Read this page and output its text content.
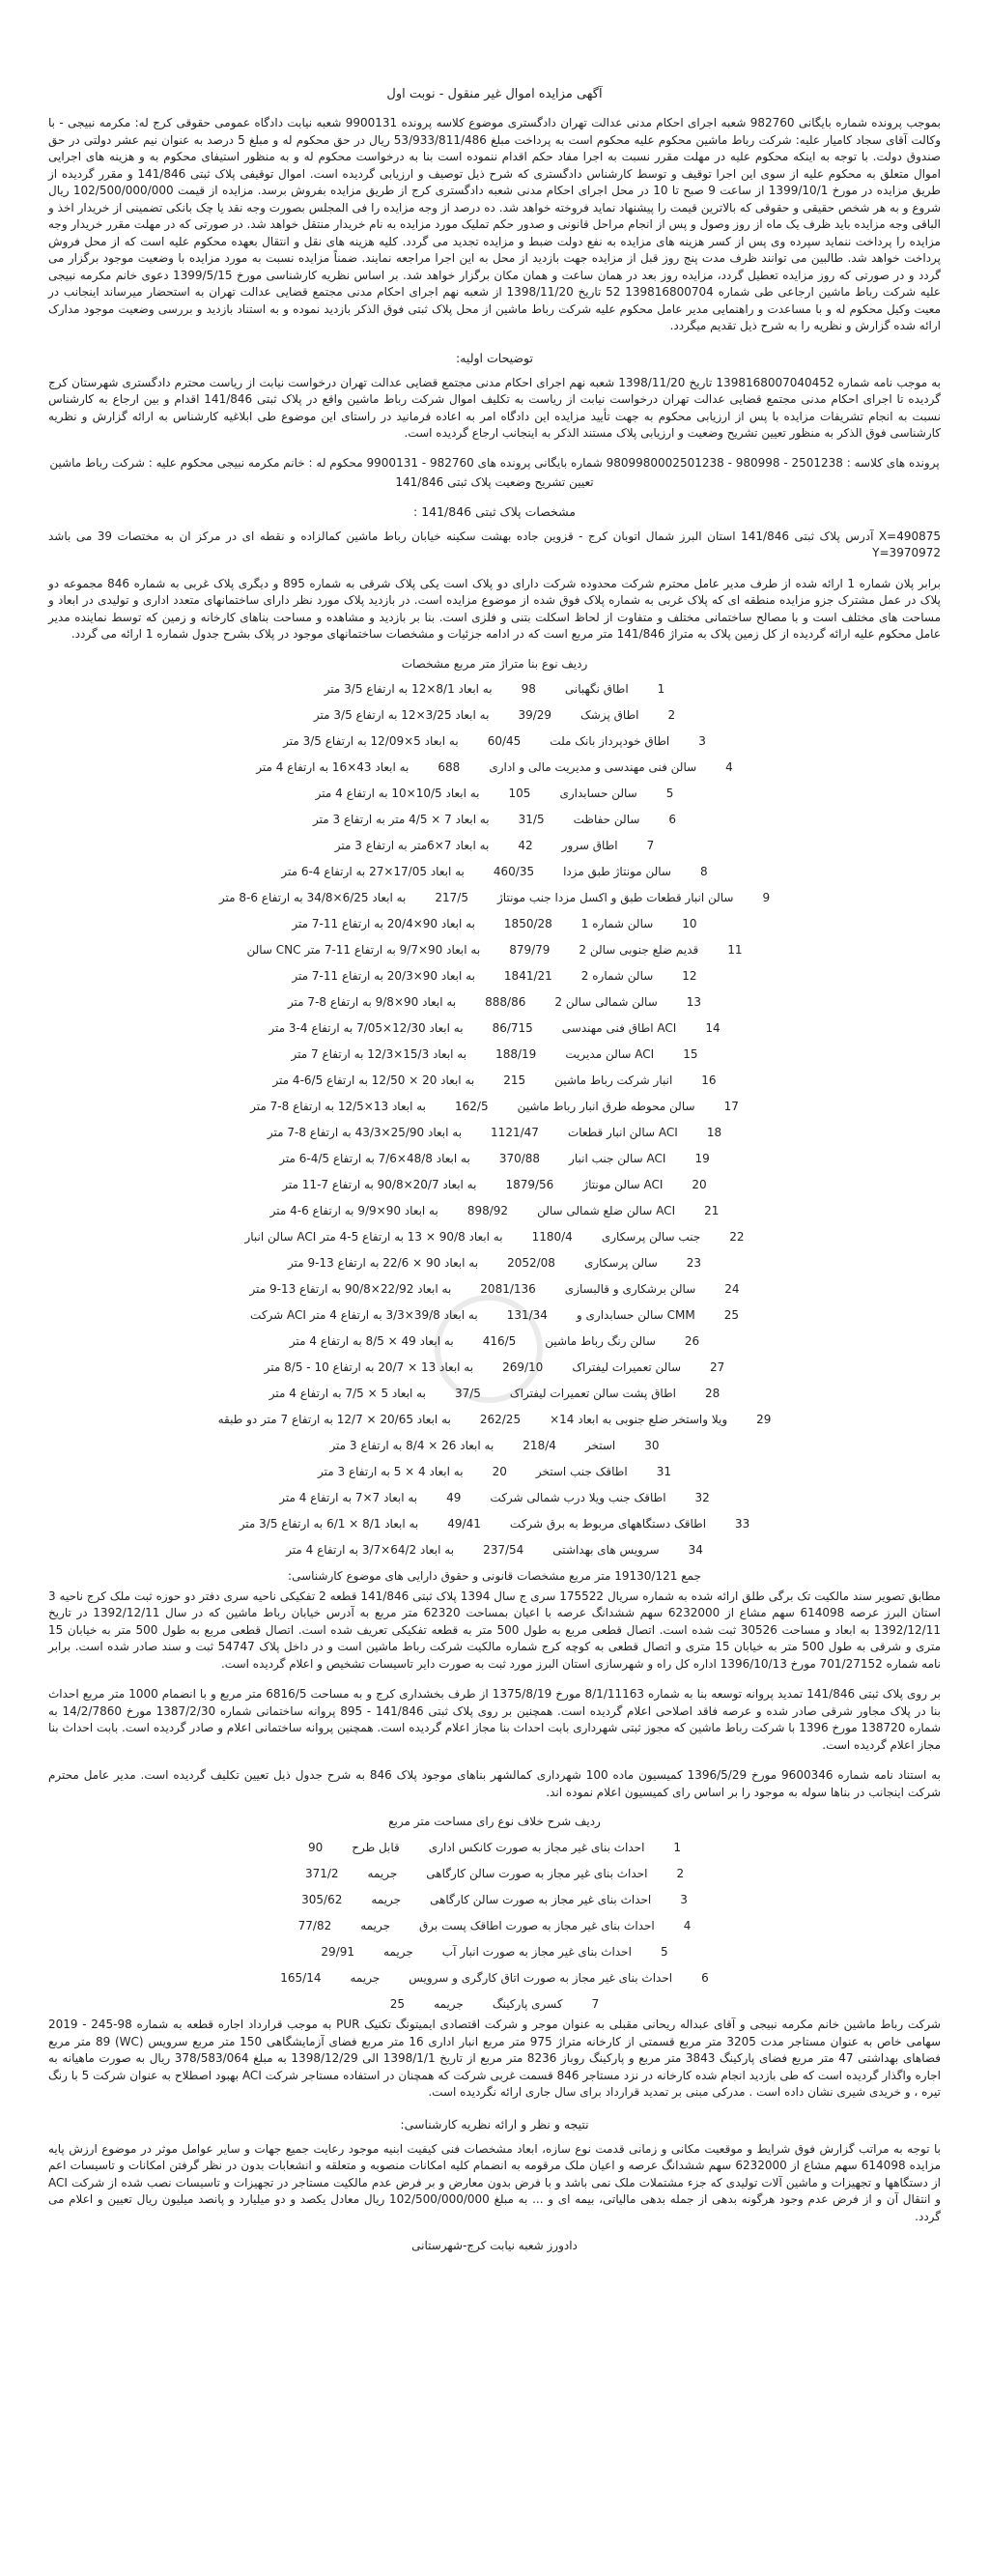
آگهی مزایده اموال غیر منقول - نوبت اول

بموجب پرونده شماره بایگانی 982760 شعبه اجرای احکام مدنی عدالت تهران دادگستری موضوع کلاسه پرونده 9900131 شعبه نیابت دادگاه عمومی حقوقی کرج له: مکرمه نبیجی - با وکالت آقای سجاد کامیار علیه: شرکت رباط ماشین محکوم علیه محکوم است به پرداخت مبلغ 53/933/811/486 ریال در حق محکوم له و مبلغ 5 درصد به عنوان نیم عشر دولتی در حق صندوق دولت. با توجه به اینکه محکوم علیه در مهلت مقرر نسبت به اجرا مفاد حکم اقدام ننموده است بنا به درخواست محکوم له و به منظور استیفای محکوم به و هزینه های اجرایی اموال متعلق به محکوم علیه از سوی این اجرا توقیف و توسط کارشناس دادگستری که شرح ذیل توصیف و ارزیابی گردیده است. اموال توقیفی پلاک ثبتی 141/846 و مقرر گردیده از طریق مزایده در مورخ 1399/10/1 از ساعت 9 صبح تا 10 در محل اجرای احکام مدنی شعبه دادگستری کرج از طریق مزایده بفروش برسد. مزایده از قیمت 102/500/000/000 ریال شروع و به هر شخص حقیقی و حقوقی که بالاترین قیمت را پیشنهاد نماید فروخته خواهد شد. ده درصد از وجه مزایده را فی المجلس بصورت وجه نقد یا چک بانکی تضمینی از خریدار اخذ و الباقی وجه مزایده باید ظرف یک ماه از روز وصول و پس از انجام مراحل قانونی و صدور حکم تملیک مورد مزایده به نام خریدار منتقل خواهد شد. در صورتی که در مهلت مقرر خریدار وجه مزایده را پرداخت ننماید سپرده وی پس از کسر هزینه های مزایده به نفع دولت ضبط و مزایده تجدید می گردد. کلیه هزینه های نقل و انتقال بعهده محکوم علیه است که از محل فروش پرداخت خواهد شد. طالبین می توانند ظرف مدت پنج روز قبل از مزایده جهت بازدید از محل به این اجرا مراجعه نمایند. ضمناً مزایده نسبت به مورد مزایده با وضعیت موجود برگزار می گردد و در صورتی که روز مزایده تعطیل گردد، مزایده روز بعد در همان ساعت و همان مکان برگزار خواهد شد. بر اساس نظریه کارشناسی مورخ 1399/5/15 دعوی خانم مکرمه نبیجی علیه شرکت رباط ماشین ارجاعی طی شماره 139816800704 52 تاریخ 1398/11/20 از شعبه نهم اجرای احکام مدنی مجتمع قضایی عدالت تهران به استحضار میرساند اینجانب در معیت وکیل محکوم له و با مساعدت و راهنمایی مدیر عامل محکوم علیه شرکت رباط ماشین از محل پلاک ثبتی فوق الذکر بازدید نموده و به استناد بازدید و بررسی وضعیت موجود مدارک ارائه شده گزارش و نظریه را به شرح ذیل تقدیم میگردد.

توضیحات اولیه:

به موجب نامه شماره 1398168007040452 تاریخ 1398/11/20 شعبه نهم اجرای احکام مدنی مجتمع قضایی عدالت تهران درخواست نیابت از ریاست محترم دادگستری شهرستان کرج گردیده تا اجرای احکام مدنی مجتمع قضایی عدالت تهران درخواست نیابت از ریاست به تکلیف اموال شرکت رباط ماشین واقع در پلاک ثبتی 141/846 اقدام و بین ارجاع به کارشناس نسبت به انجام تشریفات مزایده با پس از ارزیابی محکوم به جهت تأیید مزایده این دادگاه امر به اعاده فرمانید در راستای این موضوع طی ابلاغیه کارشناس به ارائه گزارش و نظریه کارشناسی فوق الذکر به منظور تعیین تشریح وضعیت و ارزیابی پلاک مستند الذکر به اینجانب ارجاع گردیده است.

پرونده های کلاسه : 2501238 - 980998 - 9809980002501238 شماره بایگانی پرونده های 982760 - 9900131 محکوم له : خانم مکرمه نبیجی محکوم علیه : شرکت رباط ماشین
تعیین تشریح وضعیت پلاک ثبتی 141/846
مشخصات پلاک ثبتی 141/846 :

X=490875 آدرس پلاک ثبتی 141/846 استان البرز شمال اتوبان کرج - قزوین جاده بهشت سکینه خیابان رباط ماشین کمالزاده و نقطه ای در مرکز ان به مختصات 39 می باشد Y=3970972

برابر پلان شماره 1 ارائه شده از طرف مدیر عامل محترم شرکت محدوده شرکت دارای دو پلاک است یکی پلاک شرقی به شماره 895 و دیگری پلاک غربی به شماره 846 مجموعه دو پلاک در عمل مشترک جزو مزایده منطقه ای که پلاک غربی به شماره پلاک فوق شده از موضوع مزایده است. در بازدید پلاک مورد نظر دارای ساختمانهای متعدد اداری و تولیدی در ابعاد و مساحت های مختلف است و با مصالح ساختمانی مختلف و متفاوت از لحاظ اسکلت بتنی و فلزی است. بنا بر بازدید و مشاهده و مساحت بناهای کارخانه و زمین که توسط نماینده مدیر عامل محکوم علیه ارائه گردیده از کل زمین پلاک به متراژ 141/846 متر مربع است که در ادامه جزئیات و مشخصات ساختمانهای موجود در پلاک بشرح جدول شماره 1 ارائه می گردد.

ردیف نوع بنا متراژ متر مربع مشخصات
1
اطاق نگهبانی
98
به ابعاد 8/1×12 به ارتفاع 3/5 متر
2
اطاق پزشک
39/29
به ابعاد 3/25×12 به ارتفاع 3/5 متر
3
اطاق خودپرداز بانک ملت
60/45
به ابعاد 5×12/09 به ارتفاع 3/5 متر
4
سالن فنی مهندسی و مدیریت مالی و اداری
688
به ابعاد 43×16 به ارتفاع 4 متر
5
سالن حسابداری
105
به ابعاد 10/5×10 به ارتفاع 4 متر
6
سالن حفاظت
31/5
به ابعاد 7 × 4/5 متر به ارتفاع 3 متر
7
اطاق سرور
42
به ابعاد 7×6متر به ارتفاع 3 متر
8
سالن مونتاژ طبق مزدا
460/35
به ابعاد 17/05×27 به ارتفاع 4-6 متر
9
سالن انبار قطعات طبق و اکسل مزدا جنب مونتاژ
217/5
به ابعاد 6/25×34/8 به ارتفاع 6-8 متر
10
سالن شماره 1
1850/28
به ابعاد 90×20/4 به ارتفاع 11-7 متر
11
قدیم ضلع جنوبی سالن 2
879/79
به ابعاد 90×9/7 به ارتفاع 11-7 متر CNC سالن
12
سالن شماره 2
1841/21
به ابعاد 90×20/3 به ارتفاع 11-7 متر
13
سالن شمالی سالن 2
888/86
به ابعاد 90×9/8 به ارتفاع 8-7 متر
14
ACI اطاق فنی مهندسی
86/715
به ابعاد 12/30×7/05 به ارتفاع 4-3 متر
15
ACI سالن مدیریت
188/19
به ابعاد 15/3×12/3 به ارتفاع 7 متر
16
انبار شرکت رباط ماشین
215
به ابعاد 20 × 12/50 به ارتفاع 6/5-4 متر
17
سالن محوطه طرق انبار رباط ماشین
162/5
به ابعاد 13×12/5 به ارتفاع 8-7 متر
18
ACI سالن انبار قطعات
1121/47
به ابعاد 25/90×43/3 به ارتفاع 8-7 متر
19
ACI سالن جنب انبار
370/88
به ابعاد 48/8×7/6 به ارتفاع 4/5-6 متر
20
ACI سالن مونتاژ
1879/56
به ابعاد 20/7×90/8 به ارتفاع 7-11 متر
21
ACI سالن ضلع شمالی سالن
898/92
به ابعاد 90×9/9 به ارتفاع 6-4 متر
22
جنب سالن پرسکاری
1180/4
به ابعاد 90/8 × 13 به ارتفاع 5-4 متر ACI سالن انبار
23
سالن پرسکاری
2052/08
به ابعاد 90 × 22/6 به ارتفاع 13-9 متر
24
سالن برشکاری و قالبسازی
2081/136
به ابعاد 22/92×90/8 به ارتفاع 13-9 متر
25
CMM سالن حسابداری و
131/34
به ابعاد 39/8×3/3 به ارتفاع 4 متر ACI شرکت
26
سالن رنگ رباط ماشین
416/5
به ابعاد 49 × 8/5 به ارتفاع 4 متر
27
سالن تعمیرات لیفتراک
269/10
به ابعاد 13 × 20/7 به ارتفاع 10 - 8/5 متر
28
اطاق پشت سالن تعمیرات لیفتراک
37/5
به ابعاد 5 × 7/5 به ارتفاع 4 متر
29
ویلا واستخر ضلع جنوبی به ابعاد 14×
262/25
به ابعاد 20/65 × 12/7 به ارتفاع 7 متر دو طبقه
30
استخر
218/4
به ابعاد 26 × 8/4 به ارتفاع 3 متر
31
اطاقک جنب استخر
20
به ابعاد 4 × 5 به ارتفاع 3 متر
32
اطاقک جنب ویلا درب شمالی شرکت
49
به ابعاد 7×7 به ارتفاع 4 متر
33
اطاقک دستگاههای مربوط به برق شرکت
49/41
به ابعاد 8/1 × 6/1 به ارتفاع 3/5 متر
34
سرویس های بهداشتی
237/54
به ابعاد 64/2×3/7 به ارتفاع 4 متر
جمع 19130/121 متر مربع مشخصات قانونی و حقوق دارایی های موضوع کارشناسی:

مطابق تصویر سند مالکیت تک برگی طلق ارائه شده به شماره سریال 175522 سری ج سال 1394 پلاک ثبتی 141/846 قطعه 2 تفکیکی ناحیه سری دفتر دو حوزه ثبت ملک کرج ناحیه 3 استان البرز عرصه 614098 سهم مشاع از 6232000 سهم ششدانگ عرصه با اعیان بمساحت 62320 متر مربع به آدرس خیابان رباط ماشین که در سال 1392/12/11 در تاریخ 1392/12/11 به ابعاد و مساحت 30526 ثبت شده است. اتصال قطعی مربع به طول 500 متر به قطعه تفکیکی تعریف شده است. اتصال قطعی مربع به طول 500 متر به خیابان 15 متری و شرقی به طول 500 متر به خیابان 15 متری و اتصال قطعی به کوچه کرج شماره مالکیت شرکت رباط ماشین است و در داخل پلاک 54747 ثبت و سند صادر شده است. برابر نامه شماره 701/27152 مورخ 1396/10/13 اداره کل راه و شهرسازی استان البرز مورد ثبت به صورت دایر تاسیسات تشخیص و اعلام گردیده است.

بر روی پلاک ثبتی 141/846 تمدید پروانه توسعه بنا به شماره 8/1/11163 مورخ 1375/8/19 از طرف بخشداری کرج و به مساحت 6816/5 متر مربع و با انضمام 1000 متر مربع احداث بنا در پلاک مجاور شرقی صادر شده و عرصه فاقد اصلاحی اعلام گردیده است. همچنین بر روی پلاک ثبتی 141/846 - 895 پروانه ساختمانی شماره 1387/2/30 مورخ 14/2/7860 به شماره 138720 مورخ 1396 با شرکت رباط ماشین که مجوز ثبتی شهرداری بابت احداث بنا مجاز اعلام گردیده است. همچنین پروانه ساختمانی اعلام و صادر گردیده است. بابت احداث بنا مجاز اعلام گردیده است.

به استناد نامه شماره 9600346 مورخ 1396/5/29 کمیسیون ماده 100 شهرداری کمالشهر بناهای موجود پلاک 846 به شرح جدول ذیل تعیین تکلیف گردیده است. مدیر عامل محترم شرکت اینجانب در بناها سوله به موجود را بر اساس رای کمیسیون اعلام نموده اند.

ردیف شرح خلاف نوع رای مساحت متر مربع
1
احداث بنای غیر مجاز به صورت کانکس اداری
قابل طرح
90
2
احداث بنای غیر مجاز به صورت سالن کارگاهی
جریمه
371/2
3
احداث بنای غیر مجاز به صورت سالن کارگاهی
جریمه
305/62
4
احداث بنای غیر مجاز به صورت اطاقک پست برق
جریمه
77/82
5
احداث بنای غیر مجاز به صورت انبار آب
جریمه
29/91
6
احداث بنای غیر مجاز به صورت اتاق کارگری و سرویس
جریمه
165/14
7
کسری پارکینگ
جریمه
25

شرکت رباط ماشین خانم مکرمه نبیجی و آقای عبداله ریحانی مقبلی به عنوان موجر و شرکت اقتصادی ایمیتونگ تکنیک PUR به موجب قرارداد اجاره قطعه به شماره 98-245 - 2019 سهامی خاص به عنوان مستاجر مدت 3205 متر مربع قسمتی از کارخانه متراژ 975 متر مربع انبار اداری 16 متر مربع فضای آزمایشگاهی 150 متر مربع سرویس (WC) 89 متر مربع فضاهای بهداشتی 47 متر مربع فضای پارکینگ 3843 متر مربع و پارکینگ روباز 8236 متر مربع از تاریخ 1398/1/1 الی 1398/12/29 به مبلغ 378/583/064 ریال به صورت ماهیانه به اجاره واگذار گردیده است که طی بازدید انجام شده کارخانه در نزد مستاجر 846 قسمت غربی شرکت که همچنان در استفاده مستاجر شرکت ACI بهبود اصطلاح به عنوان شرکت 5 با رنگ تیره ، و خریدی شیری نشان داده است . مدرکی مبنی بر تمدید قرارداد برای سال جاری ارائه نگردیده است.

نتیجه و نظر و ارائه نظریه کارشناسی:

با توجه به مراتب گزارش فوق شرایط و موقعیت مکانی و زمانی قدمت نوع سازه، ابعاد مشخصات فنی کیفیت ابنیه موجود رعایت جمیع جهات و سایر عوامل موثر در موضوع ارزش پایه مزایده 614098 سهم مشاع از 6232000 سهم ششدانگ عرصه و اعیان ملک مرقومه به انضمام کلیه امکانات منصوبه و متعلقه و انشعابات بدون در نظر گرفتن امکانات و تاسیسات اعم از دستگاهها و تجهیزات و ماشین آلات تولیدی که جزء مشتملات ملک نمی باشد و با فرض بدون معارض و بر فرض عدم مالکیت مستاجر در تجهیزات و تاسیسات نصب شده از شرکت ACI و انتقال آن و از فرض عدم وجود هرگونه بدهی از جمله بدهی مالیاتی، بیمه ای و ... به مبلغ 102/500/000/000 ریال معادل یکصد و دو میلیارد و پانصد میلیون ریال تعیین و اعلام می گردد.

دادورز شعبه نیابت کرج-شهرستانی
